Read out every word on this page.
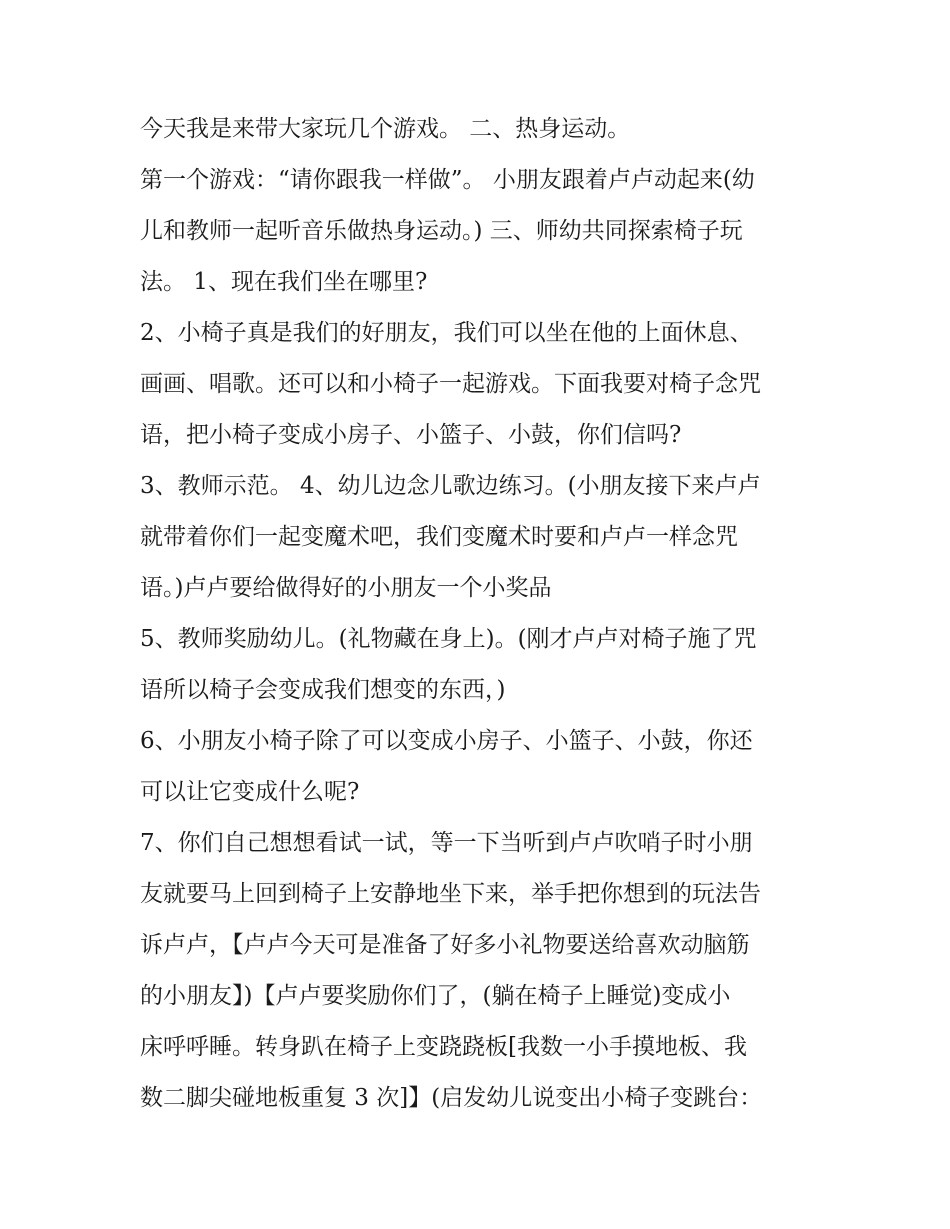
今天我是来带大家玩几个游戏。 二、热身运动。
第一个游戏：“请你跟我一样做”。 小朋友跟着卢卢动起来(幼
儿和教师一起听音乐做热身运动。) 三、师幼共同探索椅子玩
法。 1、现在我们坐在哪里?
2、小椅子真是我们的好朋友，我们可以坐在他的上面休息、
画画、唱歌。还可以和小椅子一起游戏。下面我要对椅子念咒
语，把小椅子变成小房子、小篮子、小鼓，你们信吗?
3、教师示范。 4、幼儿边念儿歌边练习。(小朋友接下来卢卢
就带着你们一起变魔术吧，我们变魔术时要和卢卢一样念咒
语。)卢卢要给做得好的小朋友一个小奖品
5、教师奖励幼儿。(礼物藏在身上)。(刚才卢卢对椅子施了咒
语所以椅子会变成我们想变的东西，)
6、小朋友小椅子除了可以变成小房子、小篮子、小鼓，你还
可以让它变成什么呢?
7、你们自己想想看试一试，等一下当听到卢卢吹哨子时小朋
友就要马上回到椅子上安静地坐下来，举手把你想到的玩法告
诉卢卢，【卢卢今天可是准备了好多小礼物要送给喜欢动脑筋
的小朋友】)【卢卢要奖励你们了，(躺在椅子上睡觉)变成小
床呼呼睡。转身趴在椅子上变跷跷板[我数一小手摸地板、我
数二脚尖碰地板重复 3 次]】(启发幼儿说变出小椅子变跳台：
